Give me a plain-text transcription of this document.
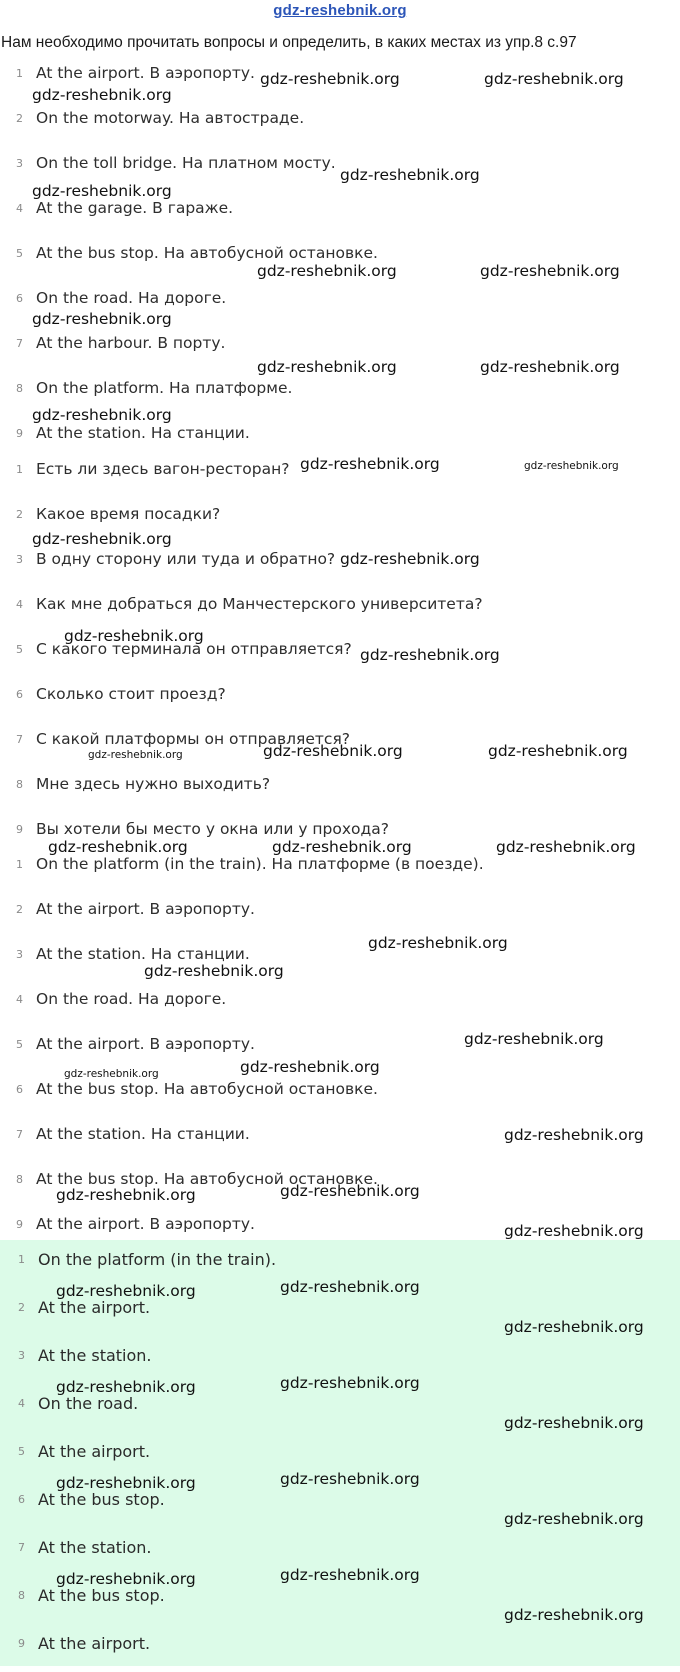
gdz-reshebnik.org
Нам необходимо прочитать вопросы и определить, в каких местах из упр.8 с.97
1 At the airport. В аэропорту.
2 On the motorway. На автостраде.
3 On the toll bridge. На платном мосту.
4 At the garage. В гараже.
5 At the bus stop. На автобусной остановке.
6 On the road. На дороге.
7 At the harbour. В порту.
8 On the platform. На платформе.
9 At the station. На станции.
1 Есть ли здесь вагон-ресторан?
2 Какое время посадки?
3 В одну сторону или туда и обратно?
4 Как мне добраться до Манчестерского университета?
5 С какого терминала он отправляется?
6 Сколько стоит проезд?
7 С какой платформы он отправляется?
8 Мне здесь нужно выходить?
9 Вы хотели бы место у окна или у прохода?
1 On the platform (in the train). На платформе (в поезде).
2 At the airport. В аэропорту.
3 At the station. На станции.
4 On the road. На дороге.
5 At the airport. В аэропорту.
6 At the bus stop. На автобусной остановке.
7 At the station. На станции.
8 At the bus stop. На автобусной остановке.
9 At the airport. В аэропорту.
1 On the platform (in the train).
2 At the airport.
3 At the station.
4 On the road.
5 At the airport.
6 At the bus stop.
7 At the station.
8 At the bus stop.
9 At the airport.
gdz-reshebnik.org	gdz-reshebnik.org
gdz-reshebnik.org
gdz-reshebnik.org
gdz-reshebnik.org
gdz-reshebnik.org	gdz-reshebnik.org
gdz-reshebnik.org
gdz-reshebnik.org	gdz-reshebnik.org
gdz-reshebnik.org
gdz-reshebnik.org	gdz-reshebnik.org
gdz-reshebnik.org
gdz-reshebnik.org
gdz-reshebnik.org
gdz-reshebnik.org
gdz-reshebnik.org	gdz-reshebnik.org	gdz-reshebnik.org
gdz-reshebnik.org	gdz-reshebnik.org	gdz-reshebnik.org
gdz-reshebnik.org
gdz-reshebnik.org
gdz-reshebnik.org
gdz-reshebnik.org	gdz-reshebnik.org
gdz-reshebnik.org
gdz-reshebnik.org	gdz-reshebnik.org
gdz-reshebnik.org
gdz-reshebnik.org	gdz-reshebnik.org
gdz-reshebnik.org
gdz-reshebnik.org	gdz-reshebnik.org
gdz-reshebnik.org
gdz-reshebnik.org	gdz-reshebnik.org
gdz-reshebnik.org
gdz-reshebnik.org	gdz-reshebnik.org
gdz-reshebnik.org
